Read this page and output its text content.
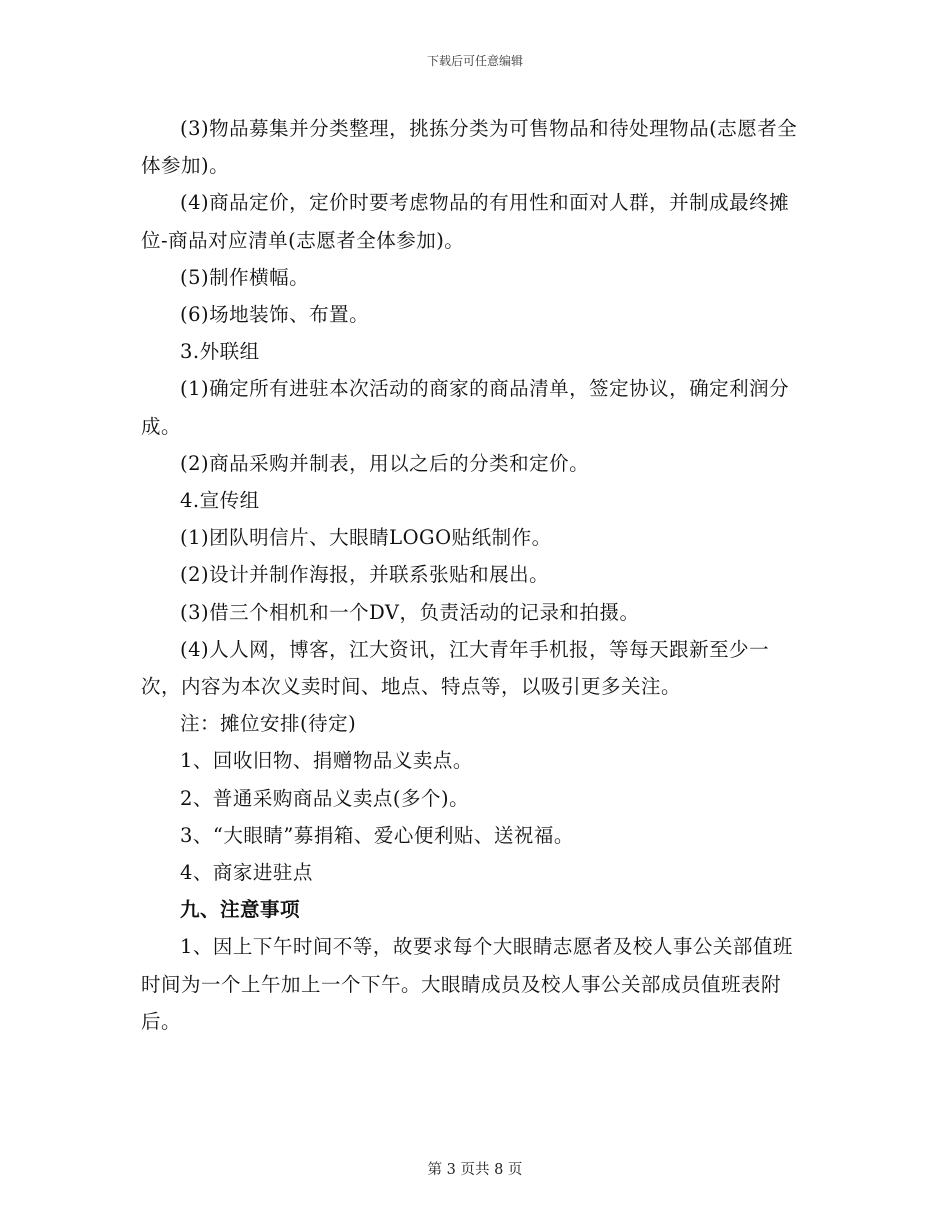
下载后可任意编辑

(3)物品募集并分类整理，挑拣分类为可售物品和待处理物品(志愿者全体参加)。

(4)商品定价，定价时要考虑物品的有用性和面对人群，并制成最终摊位-商品对应清单(志愿者全体参加)。

(5)制作横幅。

(6)场地装饰、布置。

3.外联组

(1)确定所有进驻本次活动的商家的商品清单，签定协议，确定利润分成。

(2)商品采购并制表，用以之后的分类和定价。

4.宣传组

(1)团队明信片、大眼睛LOGO贴纸制作。

(2)设计并制作海报，并联系张贴和展出。

(3)借三个相机和一个DV，负责活动的记录和拍摄。

(4)人人网，博客，江大资讯，江大青年手机报，等每天跟新至少一次，内容为本次义卖时间、地点、特点等，以吸引更多关注。

注：摊位安排(待定)

1、回收旧物、捐赠物品义卖点。

2、普通采购商品义卖点(多个)。

3、“大眼睛”募捐箱、爱心便利贴、送祝福。

4、商家进驻点

九、注意事项

1、因上下午时间不等，故要求每个大眼睛志愿者及校人事公关部值班时间为一个上午加上一个下午。大眼睛成员及校人事公关部成员值班表附后。

第 3 页共 8 页
